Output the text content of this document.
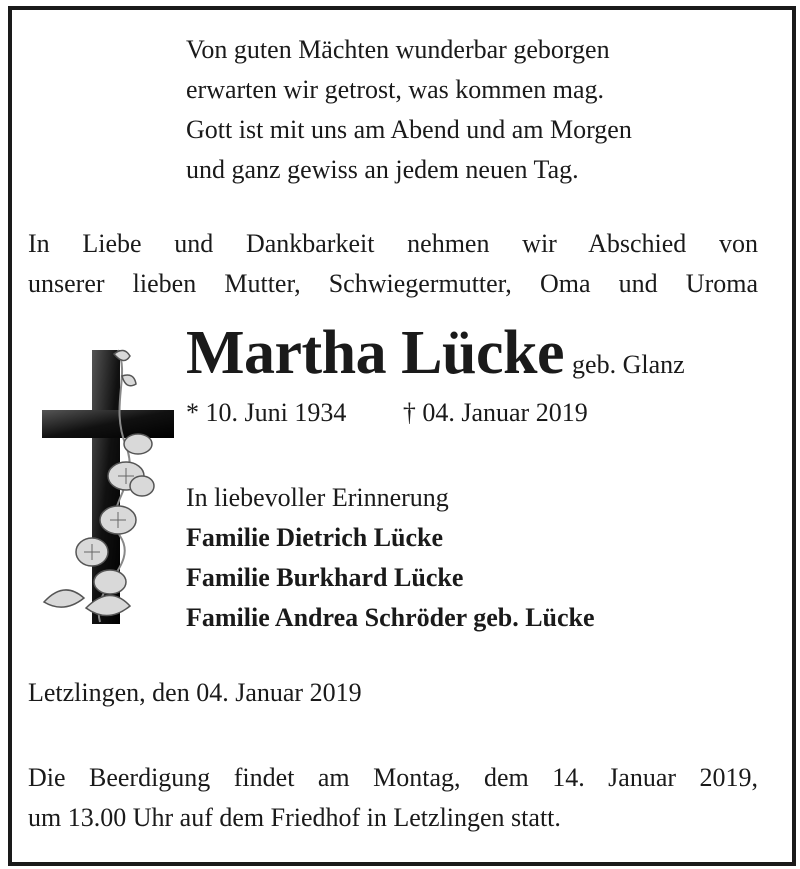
Von guten Mächten wunderbar geborgen
erwarten wir getrost, was kommen mag.
Gott ist mit uns am Abend und am Morgen
und ganz gewiss an jedem neuen Tag.
In Liebe und Dankbarkeit nehmen wir Abschied von
unserer lieben Mutter, Schwiegermutter, Oma und Uroma
Martha Lücke geb. Glanz
* 10. Juni 1934 † 04. Januar 2019
In liebevoller Erinnerung
Familie Dietrich Lücke
Familie Burkhard Lücke
Familie Andrea Schröder geb. Lücke
Letzlingen, den 04. Januar 2019
Die Beerdigung findet am Montag, dem 14. Januar 2019,
um 13.00 Uhr auf dem Friedhof in Letzlingen statt.
